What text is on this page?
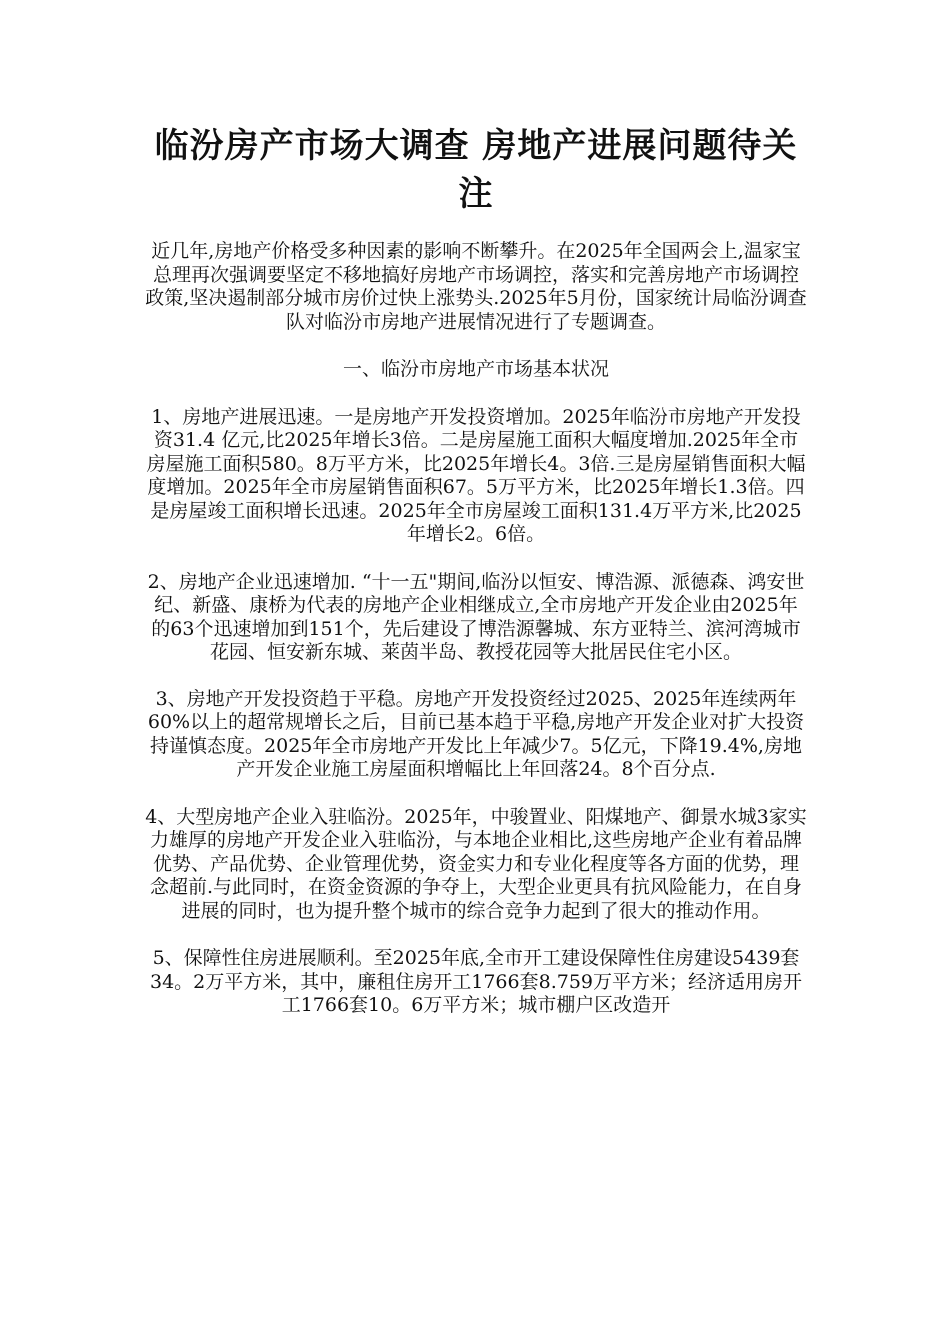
临汾房产市场大调查 房地产进展问题待关注

近几年,房地产价格受多种因素的影响不断攀升。在2025年全国两会上,温家宝总理再次强调要坚定不移地搞好房地产市场调控，落实和完善房地产市场调控政策,坚决遏制部分城市房价过快上涨势头.2025年5月份，国家统计局临汾调查队对临汾市房地产进展情况进行了专题调查。

一、临汾市房地产市场基本状况

1、房地产进展迅速。一是房地产开发投资增加。2025年临汾市房地产开发投资31.4 亿元,比2025年增长3倍。二是房屋施工面积大幅度增加.2025年全市房屋施工面积580。8万平方米，比2025年增长4。3倍.三是房屋销售面积大幅度增加。2025年全市房屋销售面积67。5万平方米，比2025年增长1.3倍。四是房屋竣工面积增长迅速。2025年全市房屋竣工面积131.4万平方米,比2025年增长2。6倍。

2、房地产企业迅速增加. “十一五"期间,临汾以恒安、博浩源、派德森、鸿安世纪、新盛、康桥为代表的房地产企业相继成立,全市房地产开发企业由2025年的63个迅速增加到151个，先后建设了博浩源馨城、东方亚特兰、滨河湾城市花园、恒安新东城、莱茵半岛、教授花园等大批居民住宅小区。

3、房地产开发投资趋于平稳。房地产开发投资经过2025、2025年连续两年60%以上的超常规增长之后，目前已基本趋于平稳,房地产开发企业对扩大投资持谨慎态度。2025年全市房地产开发比上年减少7。5亿元，下降19.4%,房地产开发企业施工房屋面积增幅比上年回落24。8个百分点.

4、大型房地产企业入驻临汾。2025年，中骏置业、阳煤地产、御景水城3家实力雄厚的房地产开发企业入驻临汾，与本地企业相比,这些房地产企业有着品牌优势、产品优势、企业管理优势，资金实力和专业化程度等各方面的优势，理念超前.与此同时，在资金资源的争夺上，大型企业更具有抗风险能力，在自身进展的同时，也为提升整个城市的综合竞争力起到了很大的推动作用。

5、保障性住房进展顺利。至2025年底,全市开工建设保障性住房建设5439套34。2万平方米，其中，廉租住房开工1766套8.759万平方米；经济适用房开工1766套10。6万平方米；城市棚户区改造开
